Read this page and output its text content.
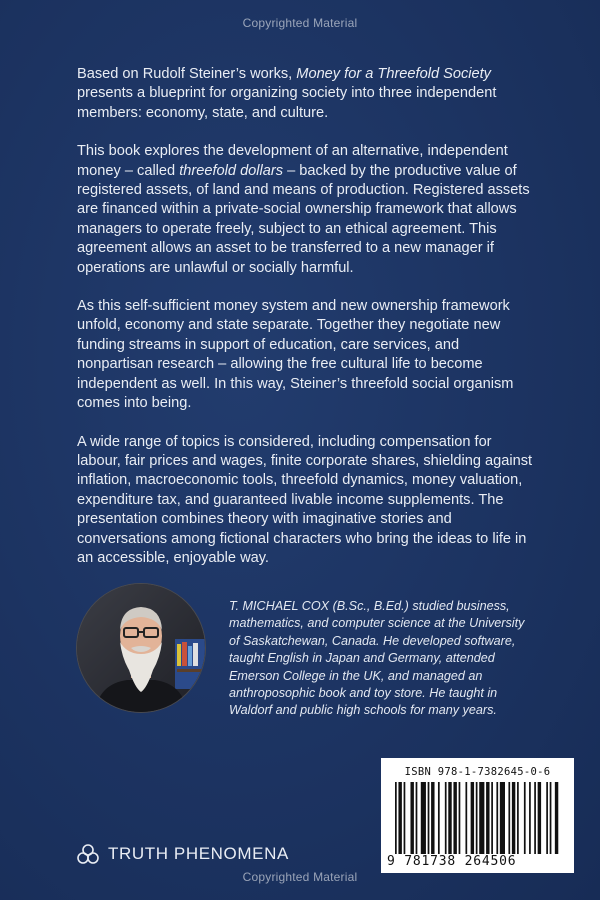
Copyrighted Material

Based on Rudolf Steiner’s works, Money for a Threefold Society presents a blueprint for organizing society into three independent members: economy, state, and culture.

This book explores the development of an alternative, independent money – called threefold dollars – backed by the productive value of registered assets, of land and means of production. Registered assets are financed within a private-social ownership framework that allows managers to operate freely, subject to an ethical agreement. This agreement allows an asset to be transferred to a new manager if operations are unlawful or socially harmful.

As this self-sufficient money system and new ownership framework unfold, economy and state separate. Together they negotiate new funding streams in support of education, care services, and nonpartisan research – allowing the free cultural life to become independent as well. In this way, Steiner’s threefold social organism comes into being.

A wide range of topics is considered, including compensation for labour, fair prices and wages, finite corporate shares, shielding against inflation, macroeconomic tools, threefold dynamics, money valuation, expenditure tax, and guaranteed livable income supplements. The presentation combines theory with imaginative stories and conversations among fictional characters who bring the ideas to life in an accessible, enjoyable way.

T. MICHAEL COX (B.Sc., B.Ed.) studied business, mathematics, and computer science at the University of Saskatchewan, Canada. He developed software, taught English in Japan and Germany, attended Emerson College in the UK, and managed an anthroposophic book and toy store. He taught in Waldorf and public high schools for many years.
ISBN 978-1-7382645-0-6
9 781738 264506
TRUTH PHENOMENA
Copyrighted Material
